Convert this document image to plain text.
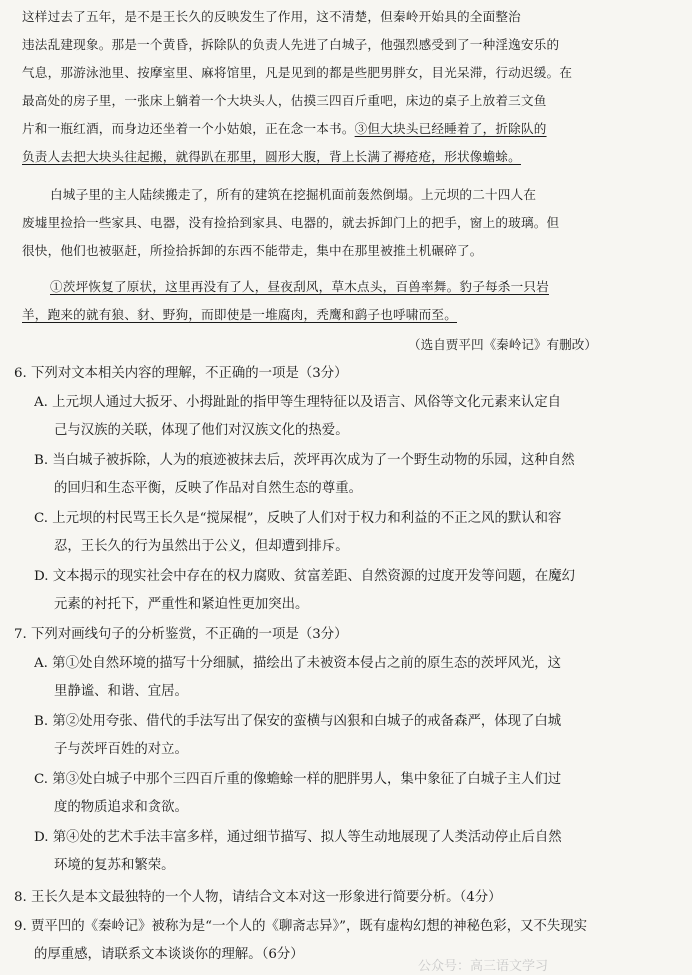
这样过去了五年，是不是王长久的反映发生了作用，这不清楚，但秦岭开始具的全面整治
违法乱建现象。那是一个黄昏，拆除队的负责人先进了白城子，他强烈感受到了一种淫逸安乐的
气息，那游泳池里、按摩室里、麻将馆里，凡是见到的都是些肥男胖女，目光呆滞，行动迟缓。在
最高处的房子里，一张床上躺着一个大块头人，估摸三四百斤重吧，床边的桌子上放着三文鱼
片和一瓶红酒，而身边还坐着一个小姑娘，正在念一本书。③但大块头已经睡着了，折除队的
负责人去把大块头往起搬，就得趴在那里，圆形大腹，背上长满了褥疮疮，形状像蟾蜍。
白城子里的主人陆续搬走了，所有的建筑在挖掘机面前轰然倒塌。上元坝的二十四人在
废墟里捡拾一些家具、电器，没有捡拾到家具、电器的，就去拆卸门上的把手，窗上的玻璃。但
很快，他们也被驱赶，所捡拾拆卸的东西不能带走，集中在那里被推土机碾碎了。
①茨坪恢复了原状，这里再没有了人，昼夜刮风，草木点头，百兽率舞。豹子每杀一只岩
羊，跑来的就有狼、豺、野狗，而即使是一堆腐肉，秃鹰和鹞子也呼啸而至。
（选自贾平凹《秦岭记》有删改）
6. 下列对文本相关内容的理解，不正确的一项是（3分）
A. 上元坝人通过大扳牙、小拇趾趾的指甲等生理特征以及语言、风俗等文化元素来认定自
己与汉族的关联，体现了他们对汉族文化的热爱。
B. 当白城子被拆除，人为的痕迹被抹去后，茨坪再次成为了一个野生动物的乐园，这种自然
的回归和生态平衡，反映了作品对自然生态的尊重。
C. 上元坝的村民骂王长久是“搅屎棍”，反映了人们对于权力和利益的不正之风的默认和容
忍，王长久的行为虽然出于公义，但却遭到排斥。
D. 文本揭示的现实社会中存在的权力腐败、贫富差距、自然资源的过度开发等问题，在魔幻
元素的衬托下，严重性和紧迫性更加突出。
7. 下列对画线句子的分析鉴赏，不正确的一项是（3分）
A. 第①处自然环境的描写十分细腻，描绘出了未被资本侵占之前的原生态的茨坪风光，这
里静谧、和谐、宜居。
B. 第②处用夸张、借代的手法写出了保安的蛮横与凶狠和白城子的戒备森严，体现了白城
子与茨坪百姓的对立。
C. 第③处白城子中那个三四百斤重的像蟾蜍一样的肥胖男人，集中象征了白城子主人们过
度的物质追求和贪欲。
D. 第④处的艺术手法丰富多样，通过细节描写、拟人等生动地展现了人类活动停止后自然
环境的复苏和繁荣。
8. 王长久是本文最独特的一个人物，请结合文本对这一形象进行简要分析。（4分）
9. 贾平凹的《秦岭记》被称为是“一个人的《聊斋志异》”，既有虚构幻想的神秘色彩，又不失现实
的厚重感，请联系文本谈谈你的理解。（6分）
公众号：高三语文学习
